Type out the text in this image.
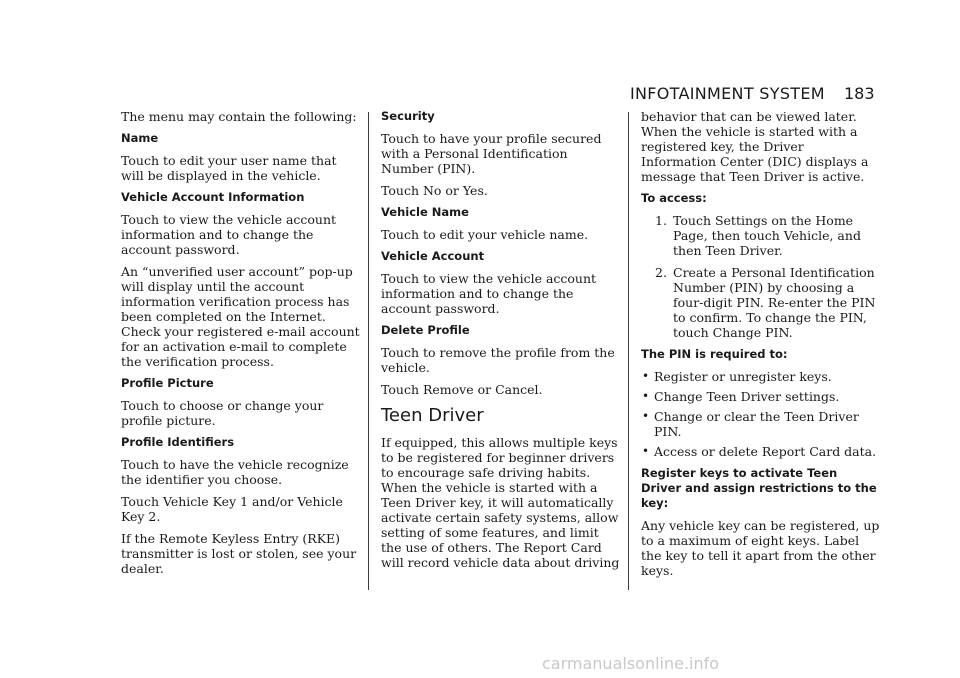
INFOTAINMENT SYSTEM 183

The menu may contain the following:

Name

Touch to edit your user name that will be displayed in the vehicle.

Vehicle Account Information

Touch to view the vehicle account information and to change the account password.

An “unverified user account” pop-up will display until the account information verification process has been completed on the Internet. Check your registered e-mail account for an activation e-mail to complete the verification process.

Profile Picture

Touch to choose or change your profile picture.

Profile Identifiers

Touch to have the vehicle recognize the identifier you choose.

Touch Vehicle Key 1 and/or Vehicle Key 2.

If the Remote Keyless Entry (RKE) transmitter is lost or stolen, see your dealer.

Security

Touch to have your profile secured with a Personal Identification Number (PIN).

Touch No or Yes.

Vehicle Name

Touch to edit your vehicle name.

Vehicle Account

Touch to view the vehicle account information and to change the account password.

Delete Profile

Touch to remove the profile from the vehicle.

Touch Remove or Cancel.

Teen Driver

If equipped, this allows multiple keys to be registered for beginner drivers to encourage safe driving habits. When the vehicle is started with a Teen Driver key, it will automatically activate certain safety systems, allow setting of some features, and limit the use of others. The Report Card will record vehicle data about driving

behavior that can be viewed later. When the vehicle is started with a registered key, the Driver Information Center (DIC) displays a message that Teen Driver is active.

To access:
1. Touch Settings on the Home Page, then touch Vehicle, and then Teen Driver.
2. Create a Personal Identification Number (PIN) by choosing a four-digit PIN. Re-enter the PIN to confirm. To change the PIN, touch Change PIN.
The PIN is required to:
• Register or unregister keys.
• Change Teen Driver settings.
• Change or clear the Teen Driver PIN.
• Access or delete Report Card data.
Register keys to activate Teen Driver and assign restrictions to the key:

Any vehicle key can be registered, up to a maximum of eight keys. Label the key to tell it apart from the other keys.

carmanualsonline.info
